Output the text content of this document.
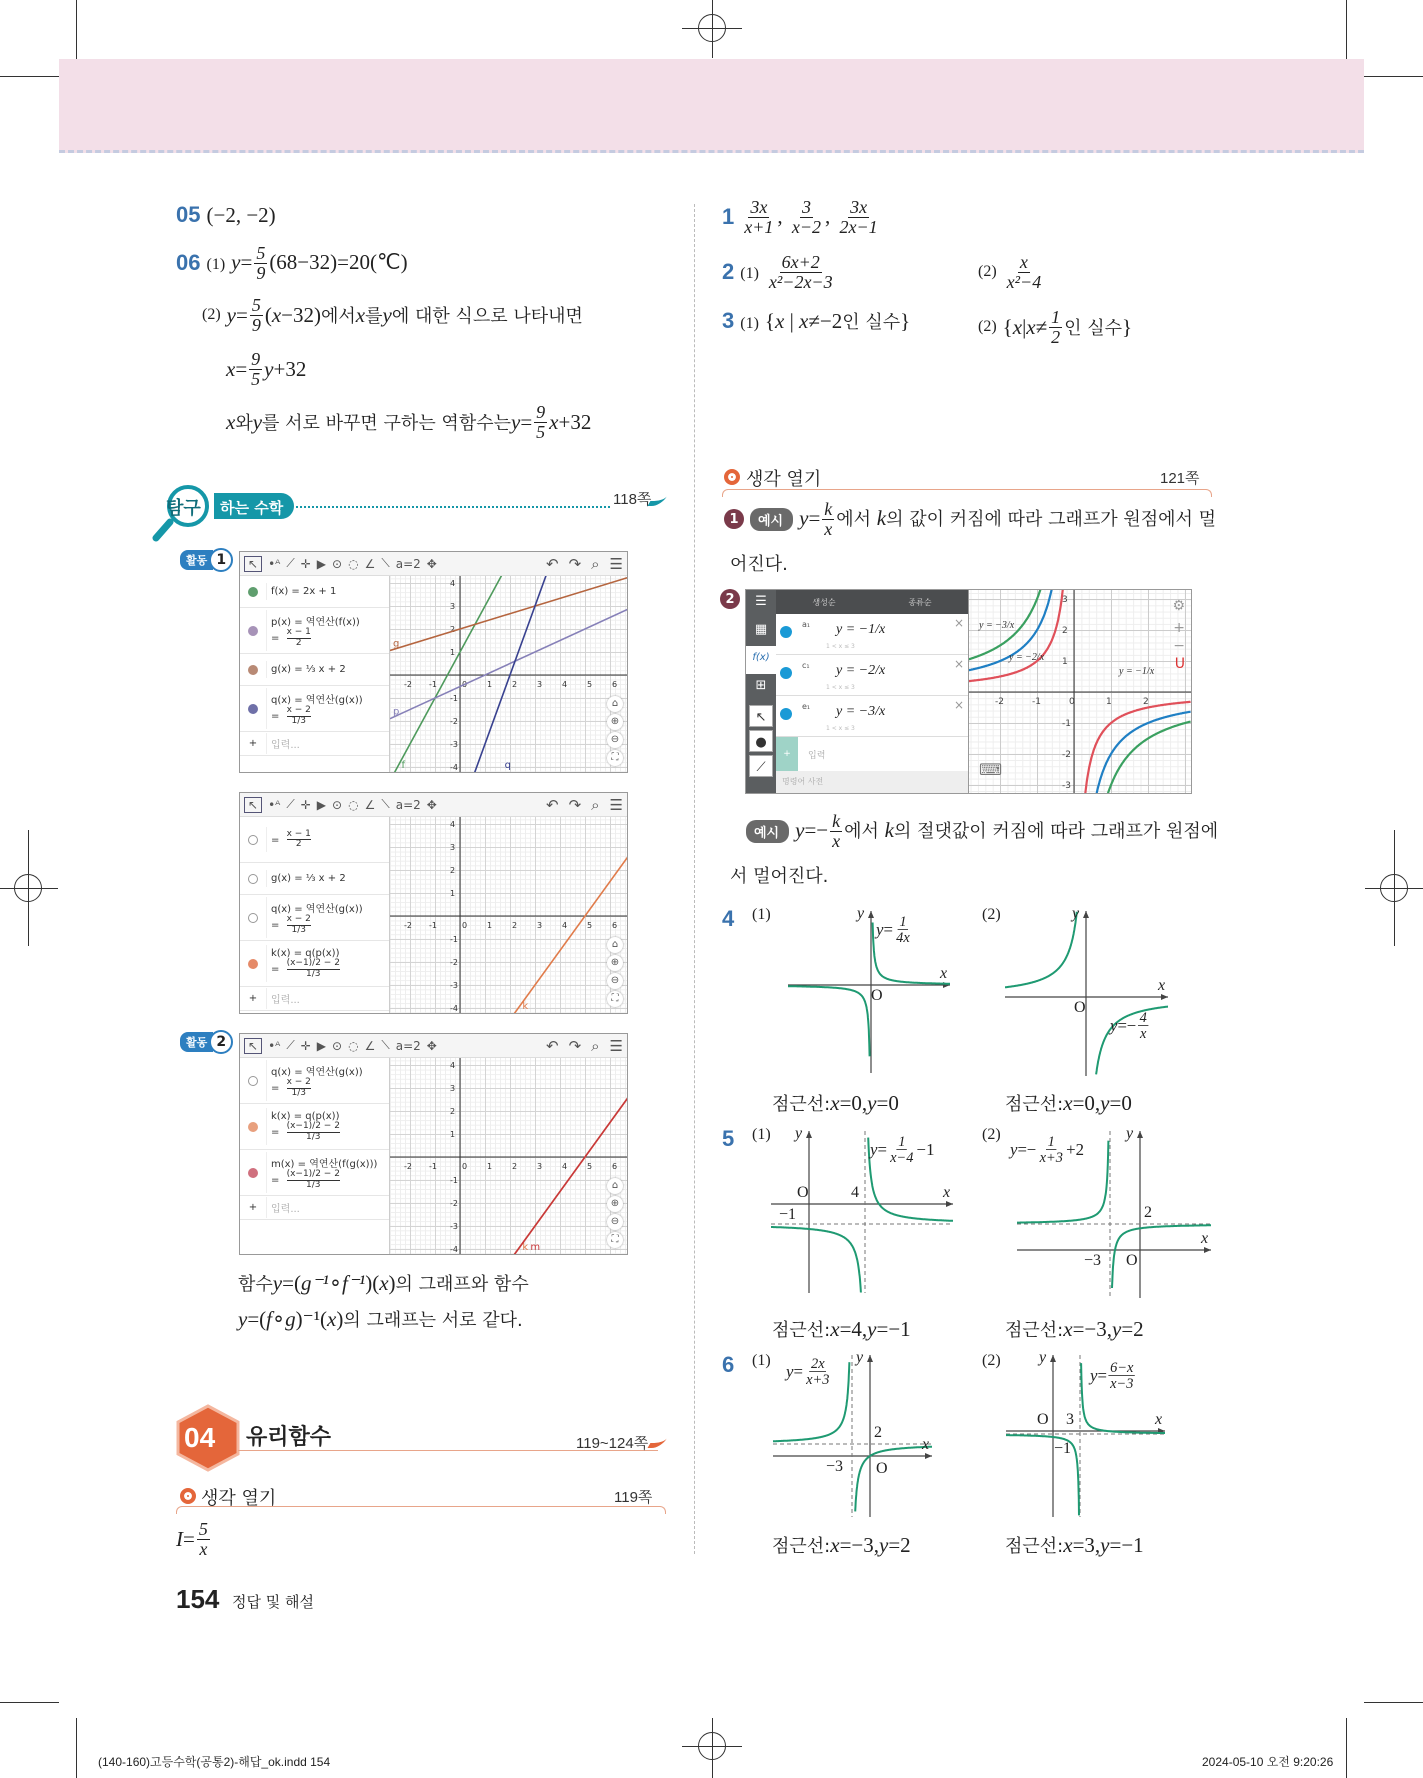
05 (−2, −2)
06 (1) $y= \frac{5}{9}$ (68−32)=20(℃)
(2) $y = \frac{5}{9}$ ( x −32) 에서 x 를 y 에 대한 식으로 나타내면
$x = \frac{9}{5}$ y +32
x 와 y 를 서로 바꾸면 구하는 역함수는 $y = \frac{9}{5}$ x +32
탐구	하는 수학	118쪽
활동 1
활동 2
↖ •ᴬ ⟋ ✛ ▶ ⊙ ◌ ∠ ⟍ a=2 ✥	↶ ↷ ⌕ ☰
f(x) = 2x + 1
p(x) = 역연산(f(x))
= $\frac{x - 1}{2}$
g(x) = ⅓ x + 2
q(x) = 역연산(g(x))
= $\frac{x - 2}{1/3}$
+	입력...
-2 -1	1 2 3 4 5 6
-4
-3
-2
-1
1
2
3
4
f
p
g
q
⌂
⊕
⊖
⛶
↖ •ᴬ ⟋ ✛ ▶ ⊙ ◌ ∠ ⟍ a=2 ✥	↶ ↷ ⌕ ☰
= $\frac{x - 1}{2}$
g(x) = ⅓ x + 2
q(x) = 역연산(g(x))
= $\frac{x - 2}{1/3}$
k(x) = q(p(x))
= $\frac{(x-1)/2 - 2}{1/3}$
+	입력...
-2 -1	0 1 2 3 4 5 6
-4
-3
-2
-1
1
2
3
4
k
⌂
⊕
⊖
⛶
↖ •ᴬ ⟋ ✛ ▶ ⊙ ◌ ∠ ⟍ a=2 ✥	↶ ↷ ⌕ ☰
q(x) = 역연산(g(x))
= $\frac{x - 2}{1/3}$
k(x) = q(p(x))
= $\frac{(x-1)/2 - 2}{1/3}$
m(x) = 역연산(f(g(x)))
= $\frac{(x-1)/2 - 2}{1/3}$
+	입력...
-2 -1	0 1 2 3 4 5 6
-4
-3
-2
-1
1
2
3
4
k m
⌂
⊕
⊖
⛶
함수 y =( g⁻¹ ∘ f⁻¹ )( x ) 의 그래프와 함수
y =( f ∘ g )⁻¹( x ) 의 그래프는 서로 같다.
04 유리함수	119~124쪽
생각 열기	119쪽
$I = \frac{5}{x}$
154 정답 및 해설
$1 \frac{3x}{x+1}$ , $\frac{3}{x-2}$ , $\frac{3x}{2x-1}$
2 $(1) \frac{6x+2}{\text{x²−2x−3}}$	$(2) \frac{x}{\text{x²−4}}$
3 (1) {x | x≠−2인 실수}	(2) { x | $x \ne \frac{1}{2}$ 인 실수 }
생각 열기	121쪽
1	예시 $y= \frac{k}{x}$ 에서 k의 값이 커짐에 따라 그래프가 원점에서 멀
어진다.
2	☰
▦
f(x)
⊞
↖
●
⟋
생성순	종류순
a₁ y = −1/x
1 < x ≤ 3
×
c₁ y = −2/x
1 < x ≤ 3
×
e₁ y = −3/x
1 < x ≤ 3
×
+	입력
명령어 사전
-2	-1	0	1	2
-3
-2
-1
1
2
3
y = −1/x
y = −2/x
y = −3/x
⚙
+
−
U
⌨
예시 $y=- \frac{k}{x}$ 에서 k의 절댓값이 커짐에 따라 그래프가 원점에
서 멀어진다.
O
x
y
(1)
$y = \frac{1}{4x}$
점근선: x =0, y =0
O
x
y
(2)
$y =- \frac{4}{x}$
점근선: x =0, y =0
O	x
y
4
−1
(1)
$y = \frac{1}{x-4} -1$
점근선: x =4, y =−1
O
x
y
2
−3
(2)
$y =- \frac{1}{x+3} +2$
점근선: x =−3, y =2
O
x
y
2
−3
(1)
$y = \frac{2x}{x+3}$
점근선: x =−3, y =2
O	x
y
3
−1
(2)
$y = \frac{6-x}{x-3}$
점근선: x =3, y =−1
4
5
6
(140-160)고등수학(공통2)-해답_ok.indd 154	2024-05-10 오전 9:20:26
